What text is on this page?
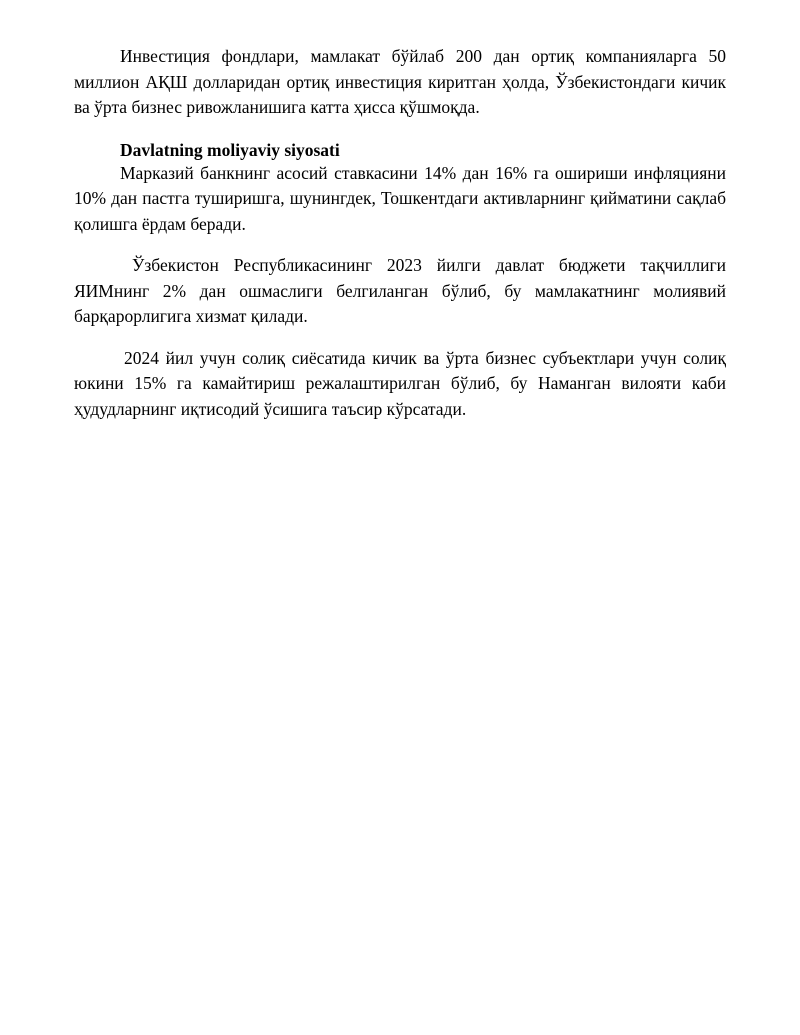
Инвестиция фондлари, мамлакат бўйлаб 200 дан ортиқ компанияларга 50 миллион АҚШ долларидан ортиқ инвестиция киритган ҳолда, Ўзбекистондаги кичик ва ўрта бизнес ривожланишига катта ҳисса қўшмоқда.

Davlatning moliyaviy siyosati

Марказий банкнинг асосий ставкасини 14% дан 16% га ошириши инфляцияни 10% дан пастга туширишга, шунингдек, Тошкентдаги активларнинг қийматини сақлаб қолишга ёрдам беради.

Ўзбекистон Республикасининг 2023 йилги давлат бюджети тақчиллиги ЯИМнинг 2% дан ошмаслиги белгиланган бўлиб, бу мамлакатнинг молиявий барқарорлигига хизмат қилади.

2024 йил учун солиқ сиёсатида кичик ва ўрта бизнес субъектлари учун солиқ юкини 15% га камайтириш режалаштирилган бўлиб, бу Наманган вилояти каби ҳудудларнинг иқтисодий ўсишига таъсир кўрсатади.
